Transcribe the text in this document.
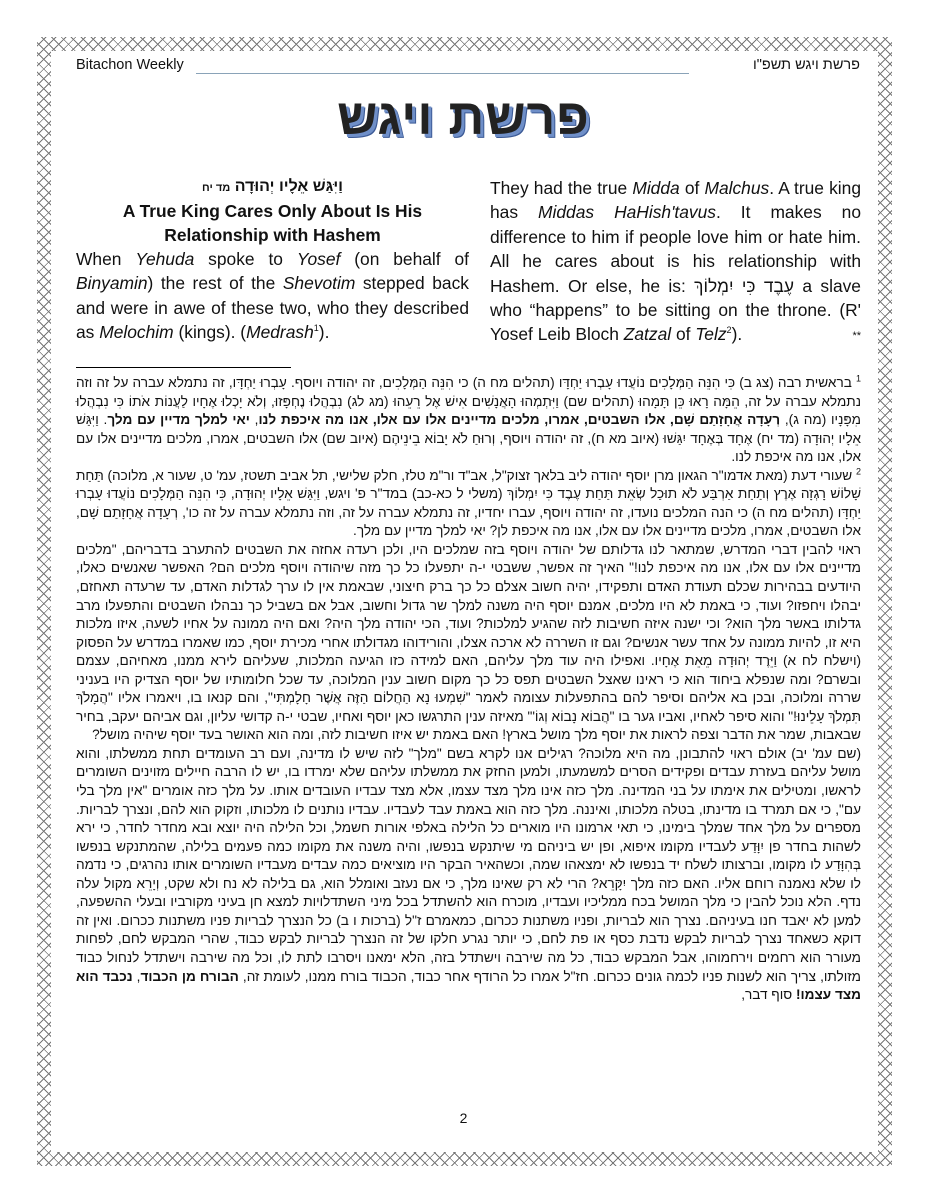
Bitachon Weekly	פרשת ויגש תשפ"ו
פרשת ויגש
וַיִּגַּשׁ אֵלָיו יְהוּדָה מד יח
A True King Cares Only About Is His Relationship with Hashem
When Yehuda spoke to Yosef (on behalf of Binyamin) the rest of the Shevotim stepped back and were in awe of these two, who they described as Melochim (kings). (Medrash$^1$).
They had the true Midda of Malchus. A true king has Middas HaHish'tavus. It makes no difference to him if people love him or hate him. All he cares about is his relationship with Hashem. Or else, he is: עֶבֶד כִּי יִמְלוֹךְ a slave who “happens” to be sitting on the throne. (R' Yosef Leib Bloch Zatzal of Telz$^2$).	**

$^1$ בראשית רבה (צג ב) כִּי הִנֵּה הַמְּלָכִים נוֹעֲדוּ עָבְרוּ יַחְדָּו (תהלים מח ה) כי הִנֵּה הַמְּלָכִים, זה יהודה ויוסף. עָבְרוּ יַחְדָּו, זה נתמלא עברה על זה וזה נתמלא עברה על זה, הֵמָּה רָאוּ כֵּן תָּמָהוּ (תהלים שם) וַיִּתְמְהוּ הָאֲנָשִׁים אִישׁ אֶל רֵעֵהוּ (מג לג) נִבְהֲלוּ נֶחְפָּזוּ, וְלֹא יָכְלוּ אֶחָיו לַעֲנוֹת אֹתוֹ כִּי נִבְהֲלוּ מִפָּנָיו (מה ג), רְעָדָה אֲחָזָתַם שָׁם, אלו השבטים, אמרו, מלכים מדיינים אלו עם אלו, אנו מה איכפת לנו, יאי למלך מדיין עם מלך. וַיִּגַּשׁ אֵלָיו יְהוּדָה (מד יח) אֶחָד בְּאֶחָד יִגַּשׁוּ (איוב מא ח), זה יהודה ויוסף, וְרוּחַ לֹא יָבוֹא בֵינֵיהֶם (איוב שם) אלו השבטים, אמרו, מלכים מדיינים אלו עם אלו, אנו מה איכפת לנו.

$^2$ שעורי דעת (מאת אדמו"ר הגאון מרן יוסף יהודה ליב בלאך זצוק"ל, אב"ד ור"מ טלז, חלק שלישי, תל אביב תשטז, עמ' ט, שעור א, מלוכה) תַּחַת שָׁלוֹשׁ רָגְזָה אֶרֶץ וְתַחַת אַרְבַּע לֹא תוּכַל שְׂאֵת תַּחַת עֶבֶד כִּי יִמְלוֹךְ (משלי ל כא-כב) במד"ר פ' ויגש, וַיִּגַּשׁ אֵלָיו יְהוּדָה, כִּי הִנֵּה הַמְּלָכִים נוֹעֲדוּ עָבְרוּ יַחְדָּו (תהלים מח ה) כי הנה המלכים נועדו, זה יהודה ויוסף, עברו יחדיו, זה נתמלא עברה על זה, וזה נתמלא עברה על זה כו', רְעָדָה אֲחָזָתַם שָׁם, אלו השבטים, אמרו, מלכים מדיינים אלו עם אלו, אנו מה איכפת לן? יאי למלך מדיין עם מלך.

ראוי להבין דברי המדרש, שמתאר לנו גדלותם של יהודה ויוסף בזה שמלכים היו, ולכן רעדה אחזה את השבטים להתערב בדבריהם, "מלכים מדיינים אלו עם אלו, אנו מה איכפת לנו!" האיך זה אפשר, ששבטי י-ה יתפעלו כל כך מזה שיהודה ויוסף מלכים הם? האפשר שאנשים כאלו, היודעים בבהירות שכלם תעודת האדם ותפקידו, יהיה חשוב אצלם כל כך ברק חיצוני, שבאמת אין לו ערך לגדלות האדם, עד שרעדה תאחזם, יבהלו ויחפזו? ועוד, כי באמת לא היו מלכים, אמנם יוסף היה משנה למלך שר גדול וחשוב, אבל אם בשביל כך נבהלו השבטים והתפעלו מרב גדלותו באשר מלך הוא? וכי ישנה איזה חשיבות לזה שהגיע למלכות? ועוד, הכי יהודה מלך היה? ואם היה ממונה על אחיו לשעה, איזו מלכות היא זו, להיות ממונה על אחד עשר אנשים? וגם זו השררה לא ארכה אצלו, והורידוהו מגדולתו אחרי מכירת יוסף, כמו שאמרו במדרש על הפסוק (וישלח לח א) וַיֵּרֶד יְהוּדָה מֵאֵת אֶחָיו. ואפילו היה עוד מלך עליהם, האם למידה כזו הגיעה המלכות, שעליהם לירא ממנו, מאחיהם, עצמם ובשרם? ומה שנפלא ביחוד הוא כי ראינו שאצל השבטים תפס כל כך מקום חשוב ענין המלוכה, עד שכל חלומותיו של יוסף הצדיק היו בעניני שררה ומלוכה, ובכן בא אליהם וסיפר להם בהתפעלות עצומה לאמר "שִׁמְעוּ נָא הַחֲלוֹם הַזֶּה אֲשֶׁר חָלָמְתִּי", והם קנאו בו, ויאמרו אליו "הֲמָלֹךְ תִּמְלֹךְ עָלֵינוּ!" והוא סיפר לאחיו, ואביו גער בו "הֲבוֹא נָבוֹא וְגוֹ'" מאיזה ענין התרגשו כאן יוסף ואחיו, שבטי י-ה קדושי עליון, וגם אביהם יעקב, בחיר שבאבות, שמר את הדבר וצפה לראות את יוסף מלך מושל בארץ! האם באמת יש איזו חשיבות לזה, ומה הוא האושר בעד יוסף שיהיה מושל?

(שם עמ' יב) אולם ראוי להתבונן, מה היא מלוכה? רגילים אנו לקרא בשם "מלך" לזה שיש לו מדינה, ועם רב העומדים תחת ממשלתו, והוא מושל עליהם בעזרת עבדים ופקידים הסרים למשמעתו, ולמען החזק את ממשלתו עליהם שלא ימרדו בו, יש לו הרבה חיילים מזוינים השומרים לראשו, ומטילים את אימתו על בני המדינה. מלך כזה אינו מלך מצד עצמו, אלא מצד עבדיו העובדים אותו. על מלך כזה אומרים "אין מלך בלי עם", כי אם תמרד בו מדינתו, בטלה מלכותו, ואיננה. מלך כזה הוא באמת עבד לעבדיו. עבדיו נותנים לו מלכותו, וזקוק הוא להם, ונצרך לבריות. מספרים על מלך אחד שמלך בימינו, כי תאי ארמונו היו מוארים כל הלילה באלפי אורות חשמל, וכל הלילה היה יוצא ובא מחדר לחדר, כי ירא לשהות בחדר פן יִוָּדַע לעבדיו מקומו איפוא, ופן יש ביניהם מי שיתנקש בנפשו, והיה משנה את מקומו כמה פעמים בלילה, שהמתנקש בנפשו בְּהִוָּדַע לו מקומו, וברצותו לשלח יד בנפשו לא ימצאהו שמה, וכשהאיר הבקר היו מוציאים כמה עבדים מעבדיו השומרים אותו נהרגים, כי נדמה לו שלא נאמנה רוחם אליו. האם כזה מלך יִקָּרֵא? הרי לא רק שאינו מלך, כי אם נעזב ואומלל הוא, גם בלילה לא נח ולא שקט, וְיָרֵא מקול עלה נדף. הלא נוכל להבין כי מלך המושל בכח ממליכיו ועבדיו, מוכרח הוא להשתדל בכל מיני השתדלויות למצא חן בעיני מקורביו ובעלי ההשפעה, למען לא יאבד חנו בעיניהם. נצרך הוא לבריות, ופניו משתנות ככרום, כמאמרם ז"ל (ברכות ו ב) כל הנצרך לבריות פניו משתנות ככרום. ואין זה דוקא כשאחד נצרך לבריות לבקש נדבת כסף או פת לחם, כי יותר נגרע חלקו של זה הנצרך לבריות לבקש כבוד, שהרי המבקש לחם, לפחות מעורר הוא רחמים וירחמוהו, אבל המבקש כבוד, כל מה שירבה וישתדל בזה, הלא ימאנו ויסרבו לתת לו, וכל מה שירבה וישתדל לנחול כבוד מזולתו, צריך הוא לשנות פניו לכמה גונים ככרום. חז"ל אמרו כל הרודף אחר כבוד, הכבוד בורח ממנו, לעומת זה, הבורח מן הכבוד, נכבד הוא מצד עצמו! סוף דבר,

2
